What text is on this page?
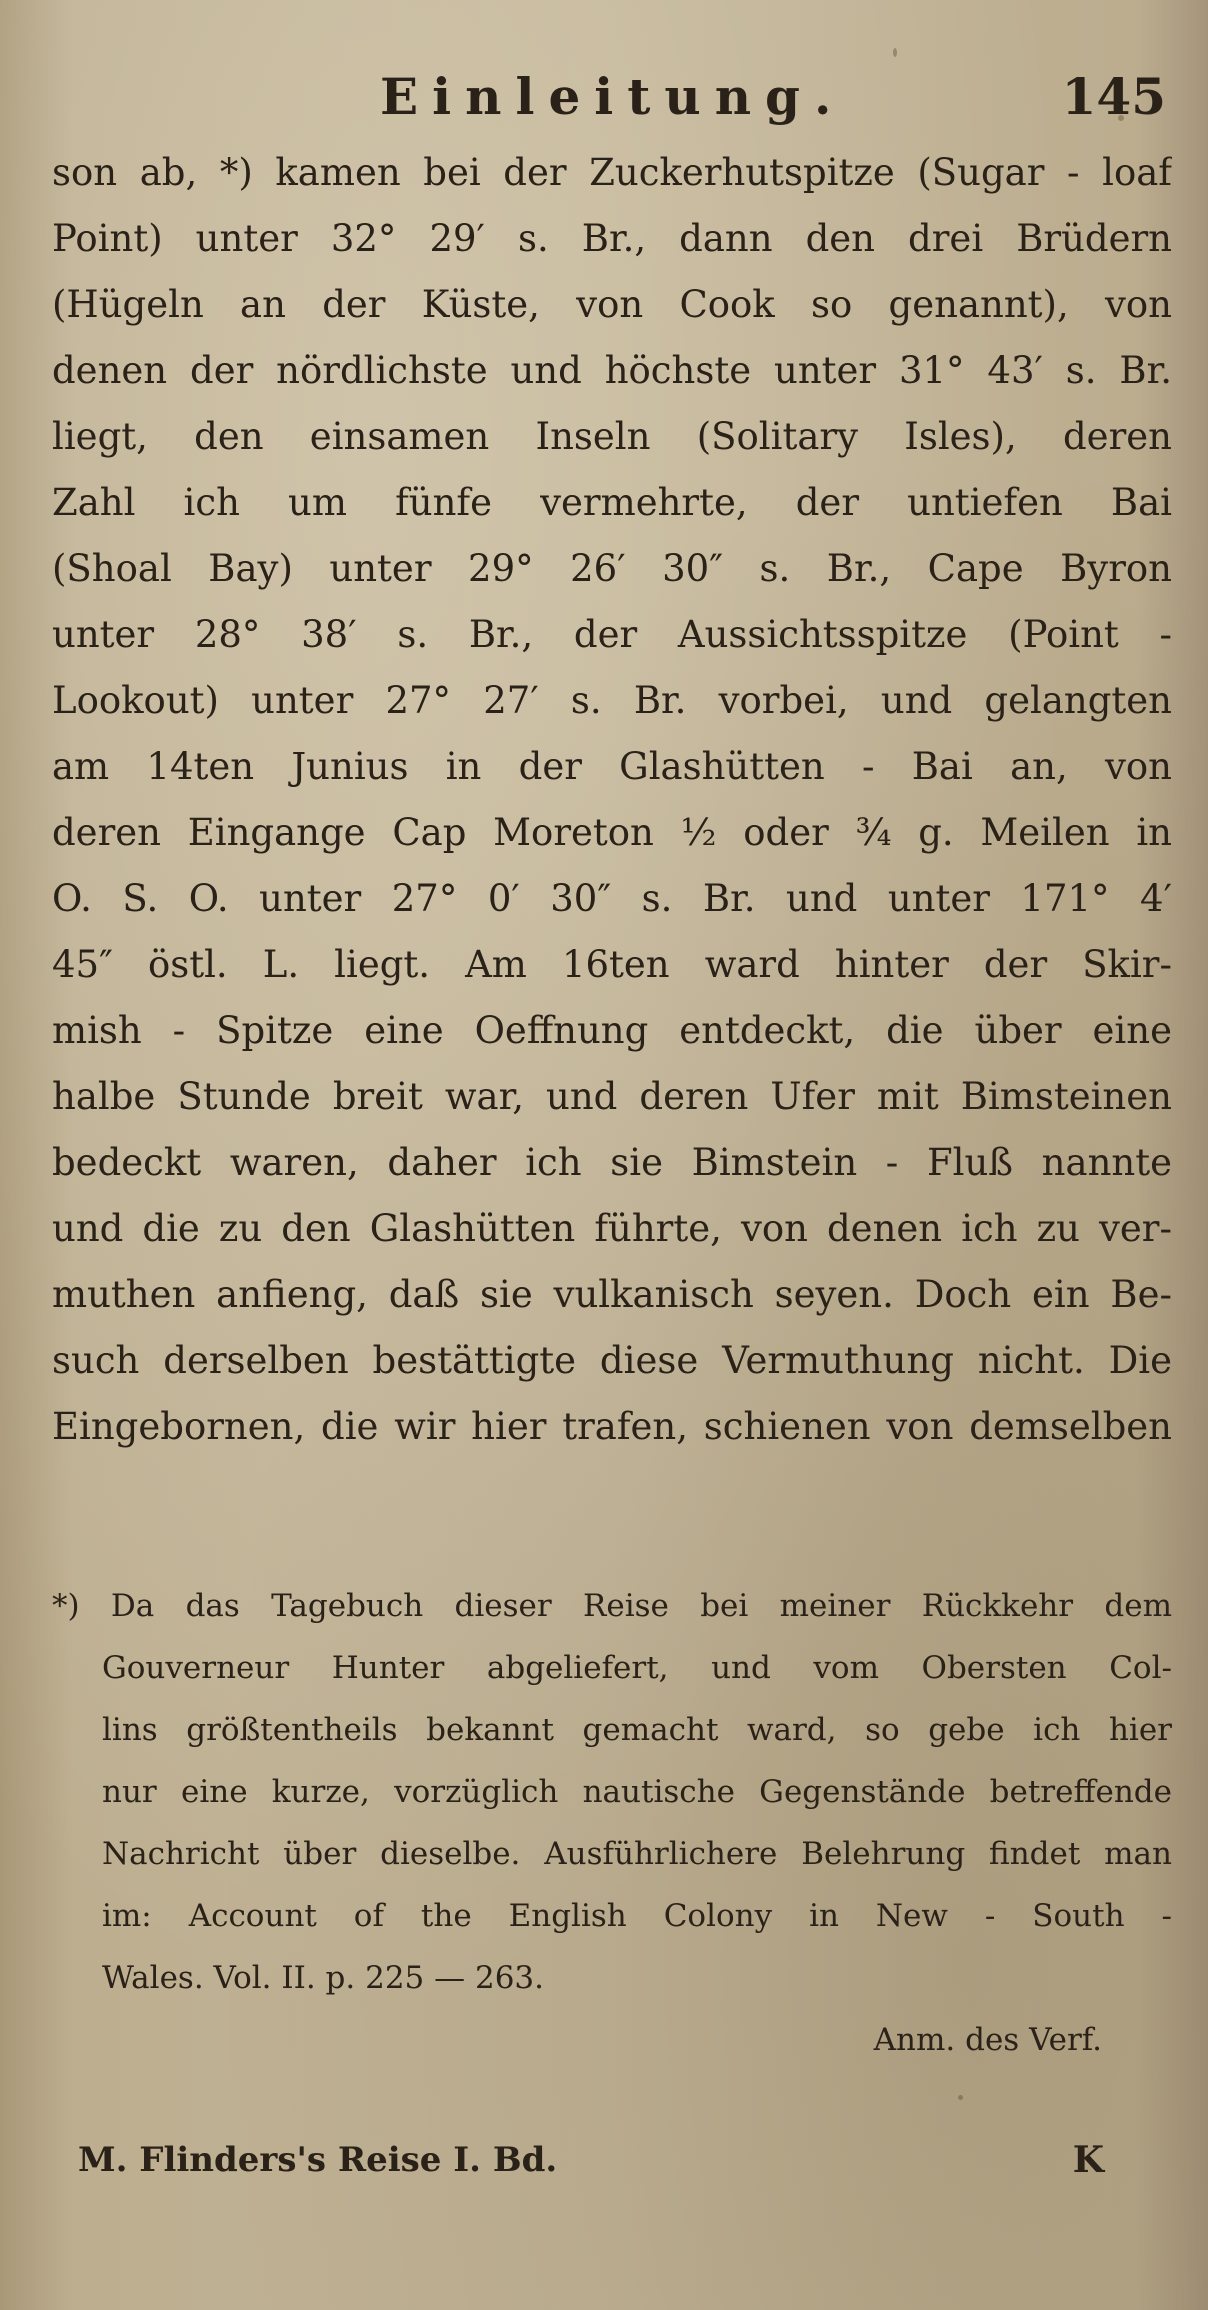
Einleitung.	145
son ab, *) kamen bei der Zuckerhutspitze (Sugar - loaf
Point) unter 32° 29′ s. Br., dann den drei Brüdern
(Hügeln an der Küste, von Cook so genannt), von
denen der nördlichste und höchste unter 31° 43′ s. Br.
liegt, den einsamen Inseln (Solitary Isles), deren
Zahl ich um fünfe vermehrte, der untiefen Bai
(Shoal Bay) unter 29° 26′ 30″ s. Br., Cape Byron
unter 28° 38′ s. Br., der Aussichtsspitze (Point -
Lookout) unter 27° 27′ s. Br. vorbei, und gelangten
am 14ten Junius in der Glashütten - Bai an, von
deren Eingange Cap Moreton ½ oder ¾ g. Meilen in
O. S. O. unter 27° 0′ 30″ s. Br. und unter 171° 4′
45″ östl. L. liegt. Am 16ten ward hinter der Skir-
mish - Spitze eine Oeffnung entdeckt, die über eine
halbe Stunde breit war, und deren Ufer mit Bimsteinen
bedeckt waren, daher ich sie Bimstein - Fluß nannte
und die zu den Glashütten führte, von denen ich zu ver-
muthen anfieng, daß sie vulkanisch seyen. Doch ein Be-
such derselben bestättigte diese Vermuthung nicht. Die
Eingebornen, die wir hier trafen, schienen von demselben
*) Da das Tagebuch dieser Reise bei meiner Rückkehr dem
Gouverneur Hunter abgeliefert, und vom Obersten Col-
lins größtentheils bekannt gemacht ward, so gebe ich hier
nur eine kurze, vorzüglich nautische Gegenstände betreffende
Nachricht über dieselbe. Ausführlichere Belehrung findet man
im: Account of the English Colony in New - South -
Wales. Vol. II. p. 225 — 263.
Anm. des Verf.
M. Flinders's Reise I. Bd.	K
